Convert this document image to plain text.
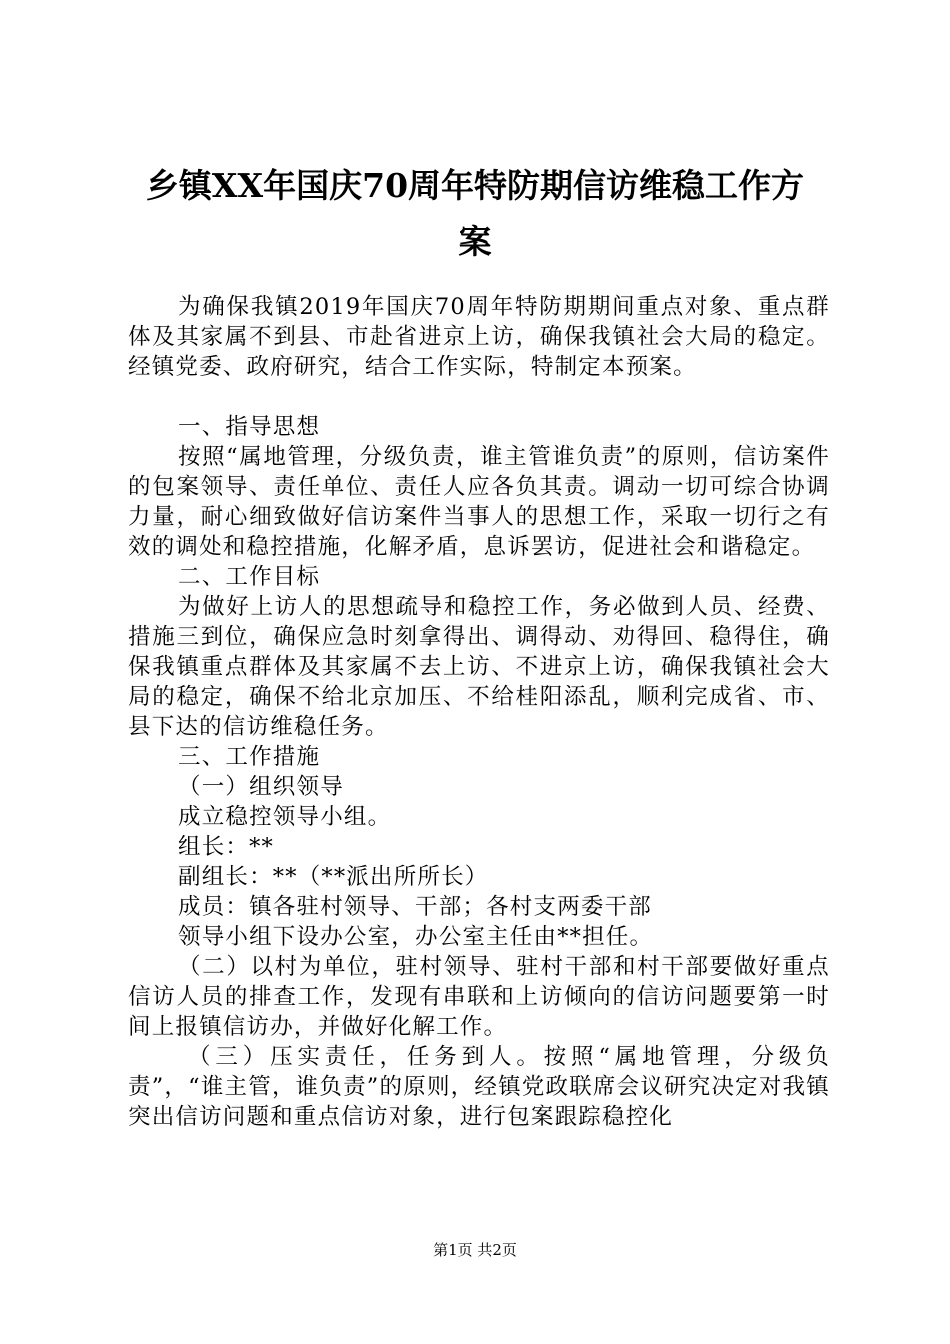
乡镇XX年国庆70周年特防期信访维稳工作方
案

为确保我镇2019年国庆70周年特防期期间重点对象、重点群体及其家属不到县、市赴省进京上访，确保我镇社会大局的稳定。经镇党委、政府研究，结合工作实际，特制定本预案。

一、指导思想

按照“属地管理，分级负责，谁主管谁负责”的原则，信访案件的包案领导、责任单位、责任人应各负其责。调动一切可综合协调力量，耐心细致做好信访案件当事人的思想工作，采取一切行之有效的调处和稳控措施，化解矛盾，息诉罢访，促进社会和谐稳定。

二、工作目标

为做好上访人的思想疏导和稳控工作，务必做到人员、经费、措施三到位，确保应急时刻拿得出、调得动、劝得回、稳得住，确保我镇重点群体及其家属不去上访、不进京上访，确保我镇社会大局的稳定，确保不给北京加压、不给桂阳添乱，顺利完成省、市、县下达的信访维稳任务。

三、工作措施

（一）组织领导

成立稳控领导小组。

组长：**

副组长：**（**派出所所长）

成员：镇各驻村领导、干部；各村支两委干部

领导小组下设办公室，办公室主任由**担任。

（二）以村为单位，驻村领导、驻村干部和村干部要做好重点信访人员的排查工作，发现有串联和上访倾向的信访问题要第一时间上报镇信访办，并做好化解工作。

（三）压实责任，任务到人。按照“属地管理，分级负责”，“谁主管，谁负责”的原则，经镇党政联席会议研究决定对我镇突出信访问题和重点信访对象，进行包案跟踪稳控化

第1页 共2页
